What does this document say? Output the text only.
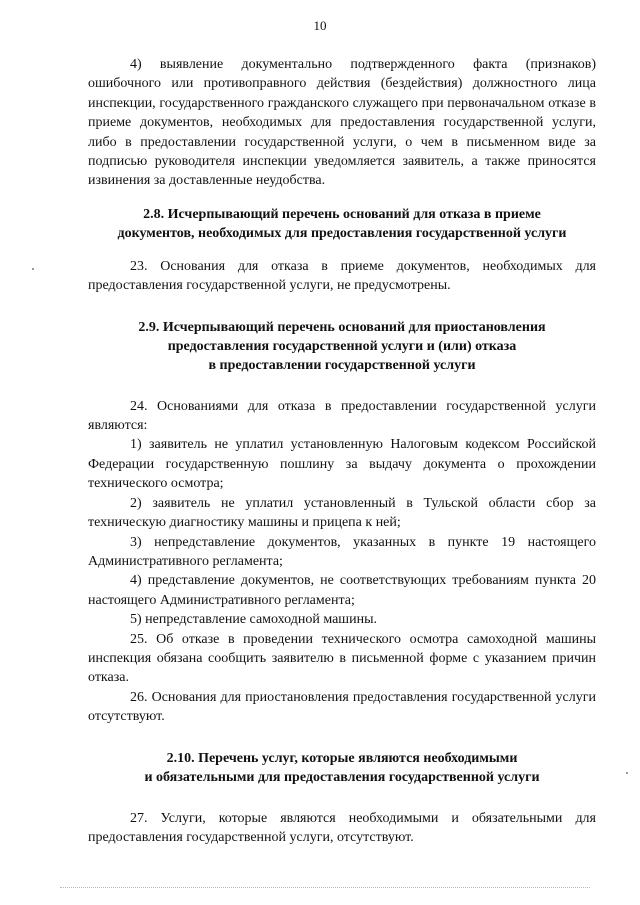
10

4) выявление документально подтвержденного факта (признаков) ошибочного или противоправного действия (бездействия) должностного лица инспекции, государственного гражданского служащего при первоначальном отказе в приеме документов, необходимых для предоставления государственной услуги, либо в предоставлении государственной услуги, о чем в письменном виде за подписью руководителя инспекции уведомляется заявитель, а также приносятся извинения за доставленные неудобства.

2.8. Исчерпывающий перечень оснований для отказа в приеме
документов, необходимых для предоставления государственной услуги

23. Основания для отказа в приеме документов, необходимых для предоставления государственной услуги, не предусмотрены.

2.9. Исчерпывающий перечень оснований для приостановления
предоставления государственной услуги и (или) отказа
в предоставлении государственной услуги

24. Основаниями для отказа в предоставлении государственной услуги являются:

1) заявитель не уплатил установленную Налоговым кодексом Российской Федерации государственную пошлину за выдачу документа о прохождении технического осмотра;

2) заявитель не уплатил установленный в Тульской области сбор за техническую диагностику машины и прицепа к ней;

3) непредставление документов, указанных в пункте 19 настоящего Административного регламента;

4) представление документов, не соответствующих требованиям пункта 20 настоящего Административного регламента;

5) непредставление самоходной машины.

25. Об отказе в проведении технического осмотра самоходной машины инспекция обязана сообщить заявителю в письменной форме с указанием причин отказа.

26. Основания для приостановления предоставления государственной услуги отсутствуют.

2.10. Перечень услуг, которые являются необходимыми
и обязательными для предоставления государственной услуги

27. Услуги, которые являются необходимыми и обязательными для предоставления государственной услуги, отсутствуют.
